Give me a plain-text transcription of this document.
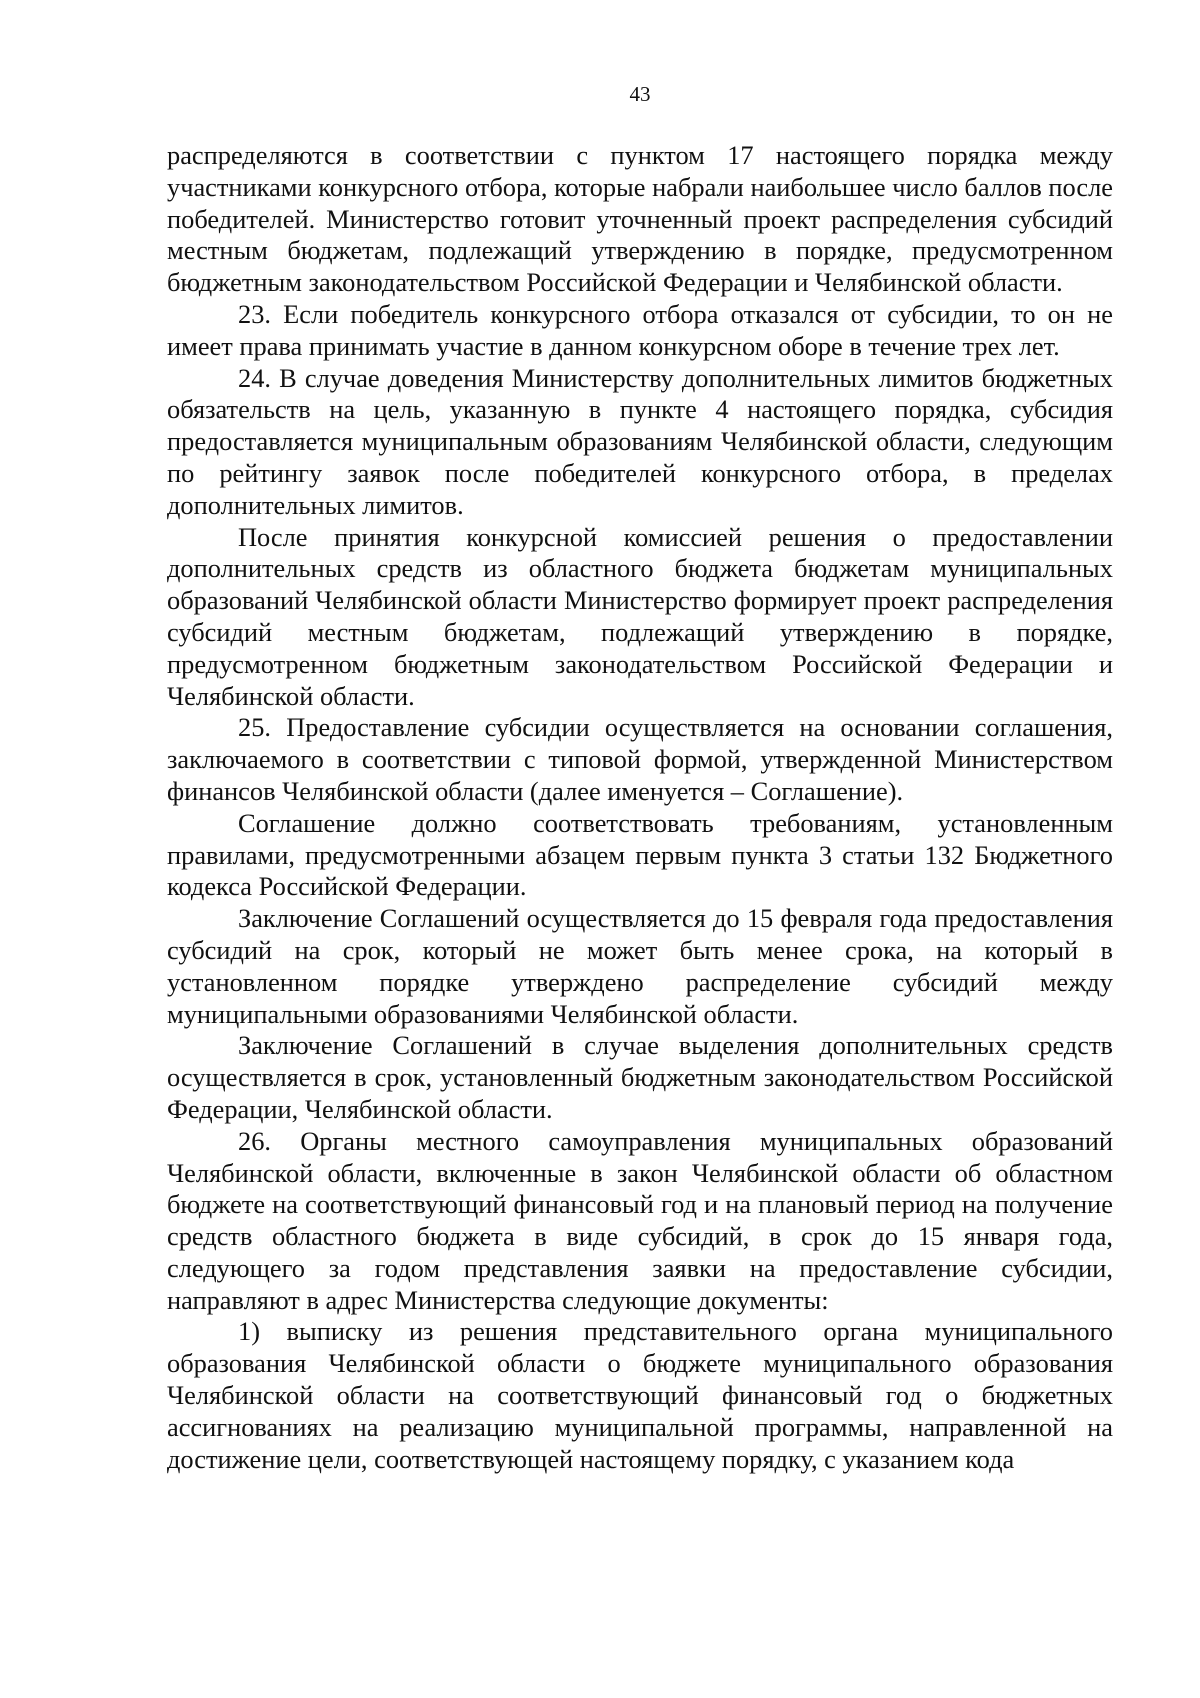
43

распределяются в соответствии с пунктом 17 настоящего порядка между участниками конкурсного отбора, которые набрали наибольшее число баллов после победителей. Министерство готовит уточненный проект распределения субсидий местным бюджетам, подлежащий утверждению в порядке, предусмотренном бюджетным законодательством Российской Федерации и Челябинской области.

23. Если победитель конкурсного отбора отказался от субсидии, то он не имеет права принимать участие в данном конкурсном оборе в течение трех лет.

24. В случае доведения Министерству дополнительных лимитов бюджетных обязательств на цель, указанную в пункте 4 настоящего порядка, субсидия предоставляется муниципальным образованиям Челябинской области, следующим по рейтингу заявок после победителей конкурсного отбора, в пределах дополнительных лимитов.

После принятия конкурсной комиссией решения о предоставлении дополнительных средств из областного бюджета бюджетам муниципальных образований Челябинской области Министерство формирует проект распределения субсидий местным бюджетам, подлежащий утверждению в порядке, предусмотренном бюджетным законодательством Российской Федерации и Челябинской области.

25. Предоставление субсидии осуществляется на основании соглашения, заключаемого в соответствии с типовой формой, утвержденной Министерством финансов Челябинской области (далее именуется – Соглашение).

Соглашение должно соответствовать требованиям, установленным правилами, предусмотренными абзацем первым пункта 3 статьи 132 Бюджетного кодекса Российской Федерации.

Заключение Соглашений осуществляется до 15 февраля года предоставления субсидий на срок, который не может быть менее срока, на который в установленном порядке утверждено распределение субсидий между муниципальными образованиями Челябинской области.

Заключение Соглашений в случае выделения дополнительных средств осуществляется в срок, установленный бюджетным законодательством Российской Федерации, Челябинской области.

26. Органы местного самоуправления муниципальных образований Челябинской области, включенные в закон Челябинской области об областном бюджете на соответствующий финансовый год и на плановый период на получение средств областного бюджета в виде субсидий, в срок до 15 января года, следующего за годом представления заявки на предоставление субсидии, направляют в адрес Министерства следующие документы:

1) выписку из решения представительного органа муниципального образования Челябинской области о бюджете муниципального образования Челябинской области на соответствующий финансовый год о бюджетных ассигнованиях на реализацию муниципальной программы, направленной на достижение цели, соответствующей настоящему порядку, с указанием кода
